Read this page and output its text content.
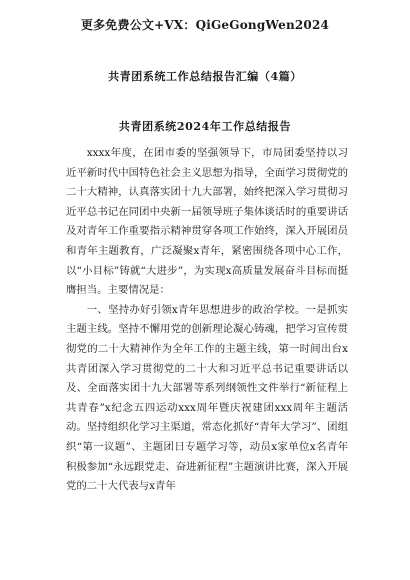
更多免费公文+VX：QiGeGongWen2024
共青团系统工作总结报告汇编（4篇）
共青团系统2024年工作总结报告

xxxx年度，在团市委的坚强领导下，市局团委坚持以习近平新时代中国特色社会主义思想为指导，全面学习贯彻党的二十大精神，认真落实团十九大部署，始终把深入学习贯彻习近平总书记在同团中央新一届领导班子集体谈话时的重要讲话及对青年工作重要指示精神贯穿各项工作始终，深入开展团员和青年主题教育，广泛凝聚x青年，紧密围绕各项中心工作，以“小目标”铸就“大进步”，为实现x高质量发展奋斗目标而挺膺担当。主要情况是：

一、坚持办好引领x青年思想进步的政治学校。一是抓实主题主线。坚持不懈用党的创新理论凝心铸魂，把学习宣传贯彻党的二十大精神作为全年工作的主题主线，第一时间出台x共青团深入学习贯彻党的二十大和习近平总书记重要讲话以及、全面落实团十九大部署等系列纲领性文件举行“新征程上共青春”x纪念五四运动xxx周年暨庆祝建团xxx周年主题活动。坚持组织化学习主渠道，常态化抓好“青年大学习”、团组织“第一议题”、主题团日专题学习等，动员x家单位x名青年积极参加“永远跟党走、奋进新征程”主题演讲比赛，深入开展党的二十大代表与x青年
